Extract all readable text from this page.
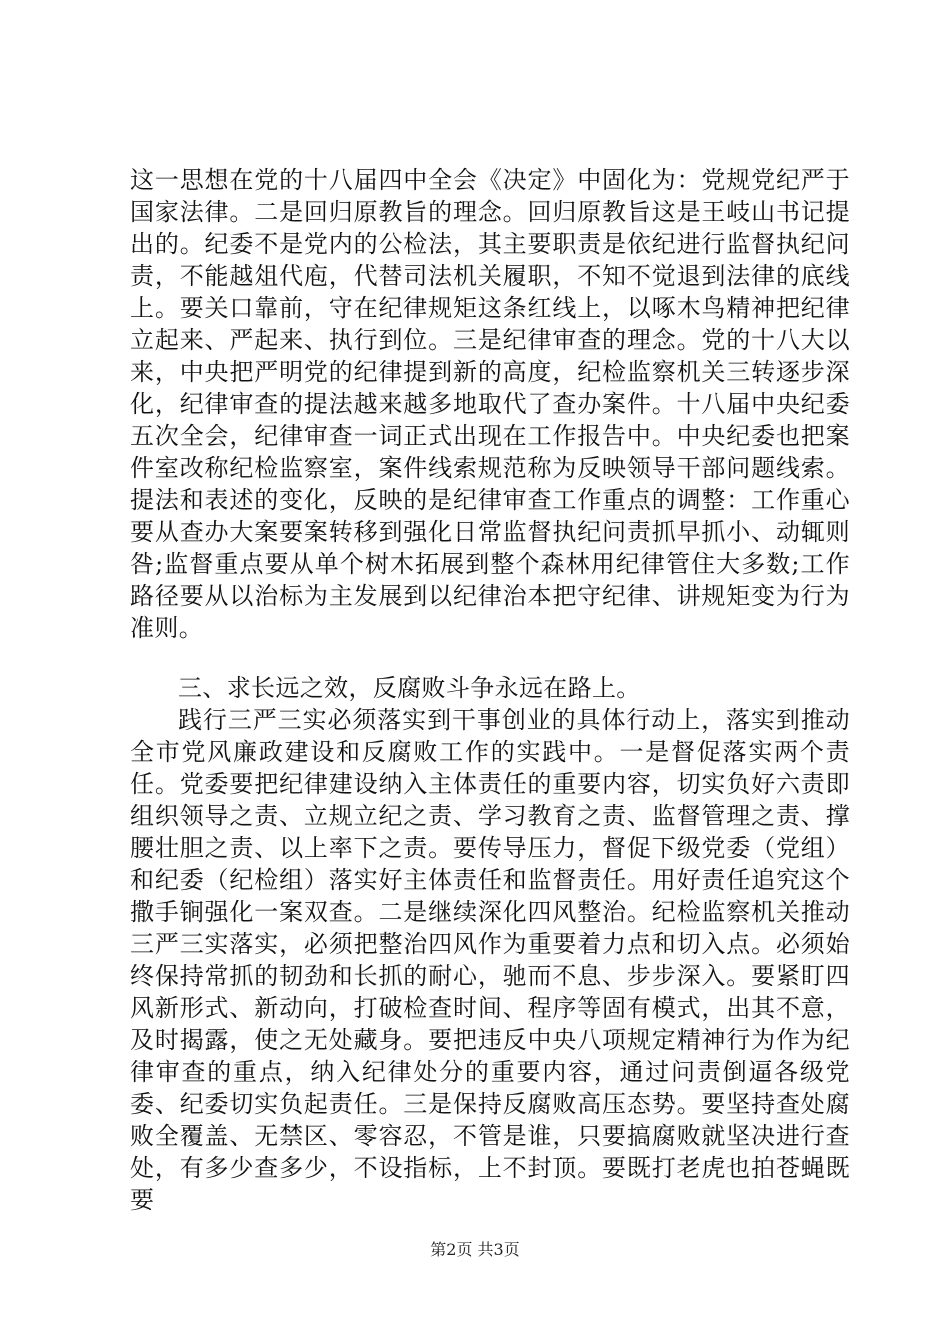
这一思想在党的十八届四中全会《决定》中固化为：党规党纪严于国家法律。二是回归原教旨的理念。回归原教旨这是王岐山书记提出的。纪委不是党内的公检法，其主要职责是依纪进行监督执纪问责，不能越俎代庖，代替司法机关履职，不知不觉退到法律的底线上。要关口靠前，守在纪律规矩这条红线上，以啄木鸟精神把纪律立起来、严起来、执行到位。三是纪律审查的理念。党的十八大以来，中央把严明党的纪律提到新的高度，纪检监察机关三转逐步深化，纪律审查的提法越来越多地取代了查办案件。十八届中央纪委五次全会，纪律审查一词正式出现在工作报告中。中央纪委也把案件室改称纪检监察室，案件线索规范称为反映领导干部问题线索。提法和表述的变化，反映的是纪律审查工作重点的调整：工作重心要从查办大案要案转移到强化日常监督执纪问责抓早抓小、动辄则咎;监督重点要从单个树木拓展到整个森林用纪律管住大多数;工作路径要从以治标为主发展到以纪律治本把守纪律、讲规矩变为行为准则。

三、求长远之效，反腐败斗争永远在路上。

践行三严三实必须落实到干事创业的具体行动上，落实到推动全市党风廉政建设和反腐败工作的实践中。一是督促落实两个责任。党委要把纪律建设纳入主体责任的重要内容，切实负好六责即组织领导之责、立规立纪之责、学习教育之责、监督管理之责、撑腰壮胆之责、以上率下之责。要传导压力，督促下级党委（党组）和纪委（纪检组）落实好主体责任和监督责任。用好责任追究这个撒手锏强化一案双查。二是继续深化四风整治。纪检监察机关推动三严三实落实，必须把整治四风作为重要着力点和切入点。必须始终保持常抓的韧劲和长抓的耐心，驰而不息、步步深入。要紧盯四风新形式、新动向，打破检查时间、程序等固有模式，出其不意，及时揭露，使之无处藏身。要把违反中央八项规定精神行为作为纪律审查的重点，纳入纪律处分的重要内容，通过问责倒逼各级党委、纪委切实负起责任。三是保持反腐败高压态势。要坚持查处腐败全覆盖、无禁区、零容忍，不管是谁，只要搞腐败就坚决进行查处，有多少查多少，不设指标，上不封顶。要既打老虎也拍苍蝇既要

第2页 共3页
